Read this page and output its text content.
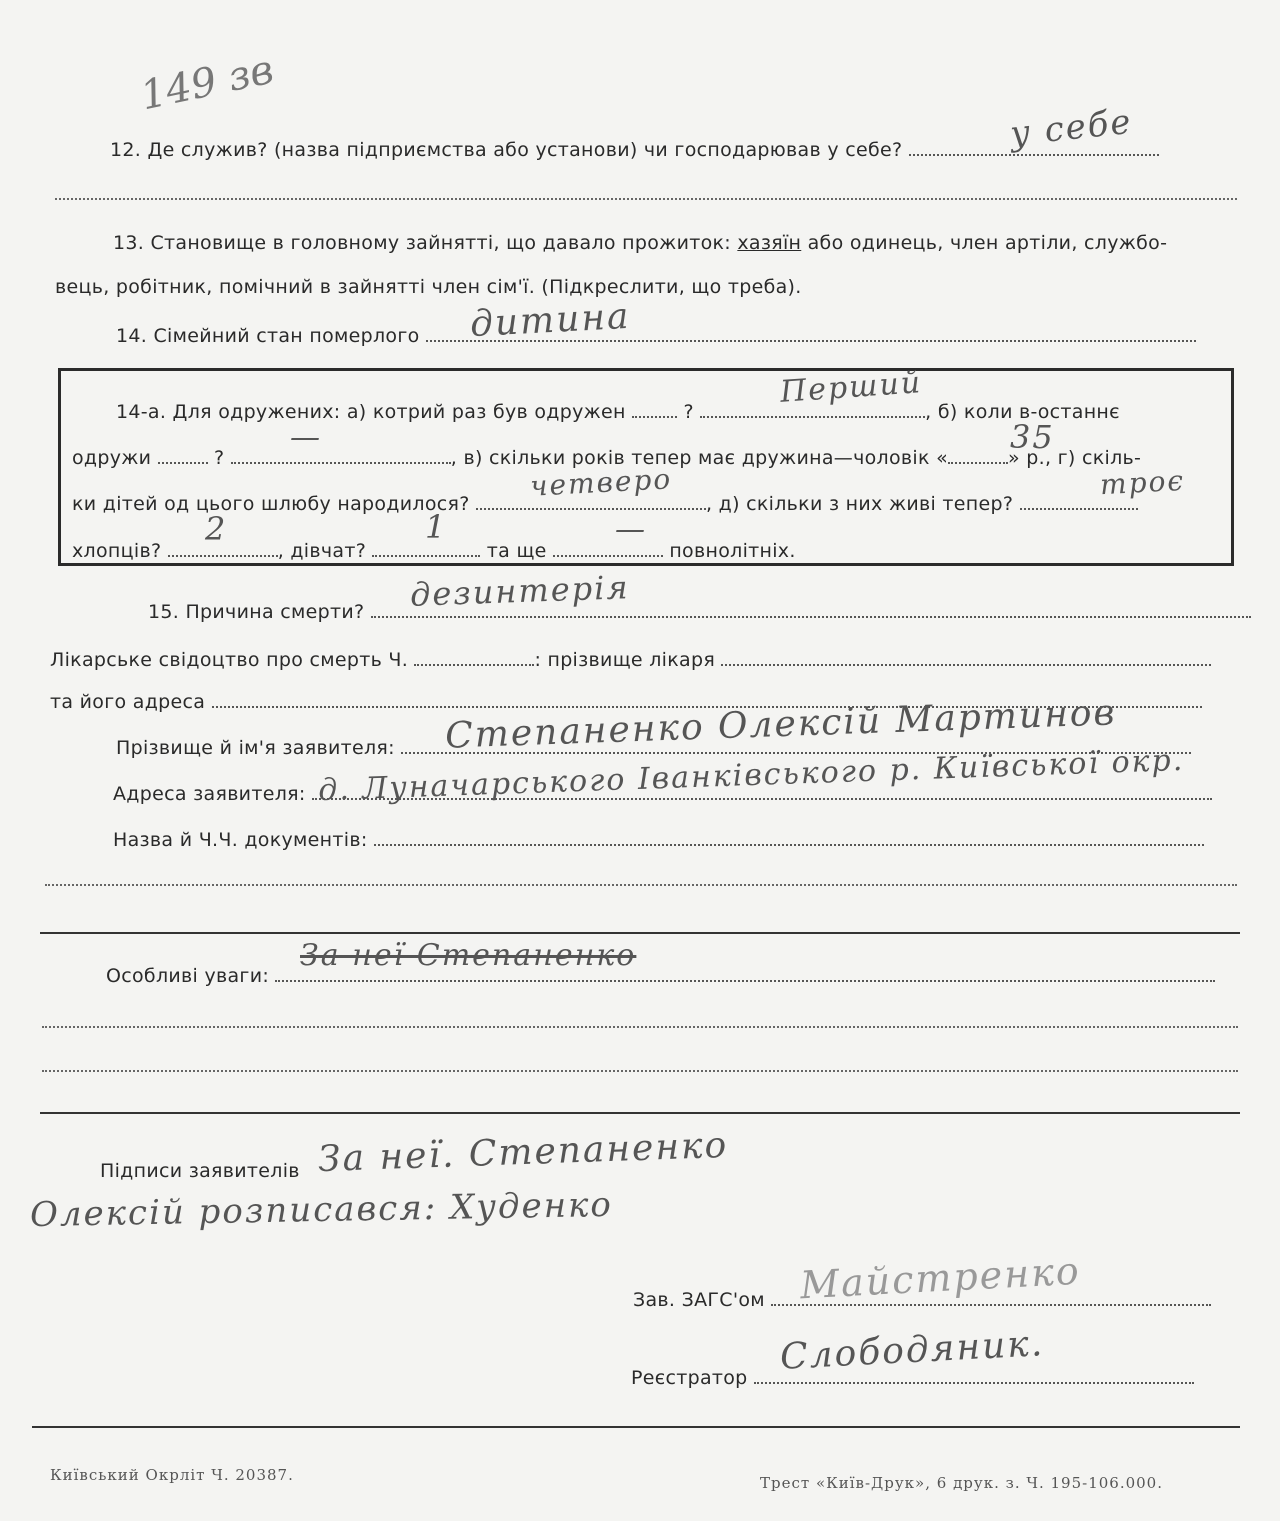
149 зв
12. Де служив? (назва підприємства або установи) чи господарював у себе?	у себе
13. Становище в головному зайнятті, що давало прожиток: хазяїн або одинець, член артіли, службо-
вець, робітник, помічний в зайнятті член сім'ї. (Підкреслити, що треба).
14. Сімейний стан померлого	дитина
14-а. Для одружених: а) котрий раз був одружен	?	, б) коли в-останнє
Перший
одружи	?	, в) скільки років тепер має дружина—чоловік «	» р., г) скіль-
—	35
ки дітей од цього шлюбу народилося?	, д) скільки з них живі тепер?
четверо	троє
хлопців?	, дівчат?	та ще	повнолітніх.
2	1	—
15. Причина смерти?	дезинтерія
Лікарське свідоцтво про смерть Ч.	: прізвище лікаря
та його адреса
Прізвище й ім'я заявителя:	Степаненко Олексій Мартинов
Адреса заявителя: д. Луначарського Іванківського р. Київської окр.
Назва й Ч.Ч. документів:
Особливі уваги:
За неї Степаненко
Підписи заявителів За неї. Степаненко
Олексій розписався: Худенко
Зав. ЗАГС'ом Майстренко
Реєстратор
Слободяник.
Київський Окрліт Ч. 20387.	Трест «Київ-Друк», 6 друк. з. Ч. 195-106.000.
